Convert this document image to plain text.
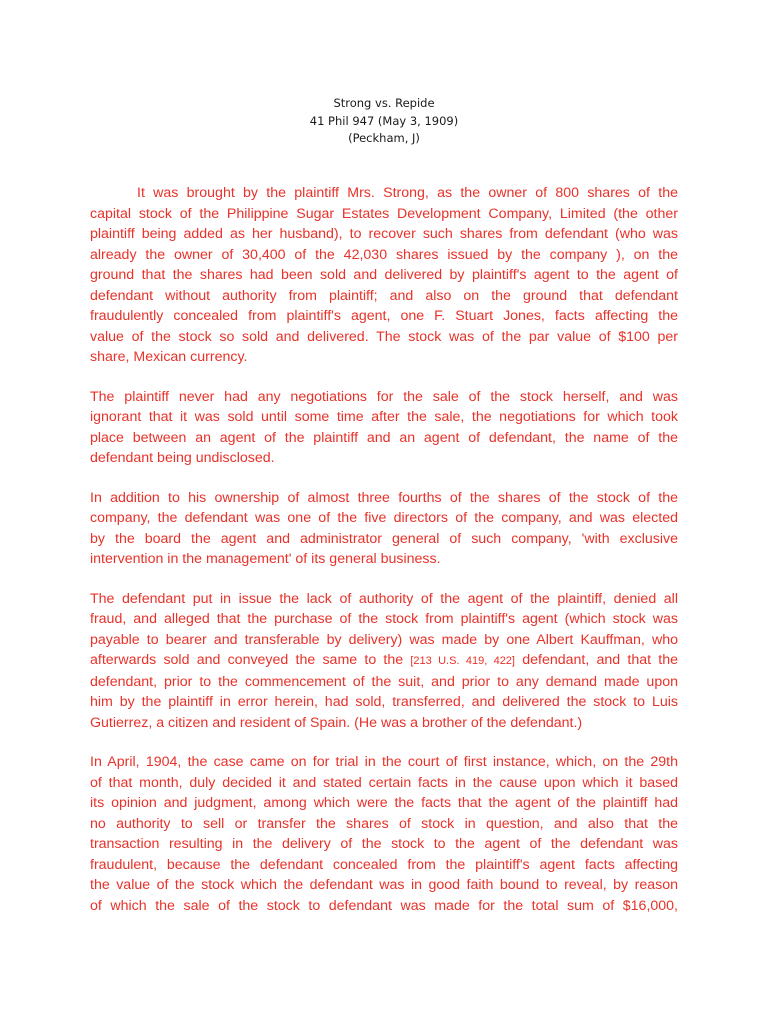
Strong vs. Repide
41 Phil 947 (May 3, 1909)
(Peckham, J)
It was brought by the plaintiff Mrs. Strong, as the owner of 800 shares of the
capital stock of the Philippine Sugar Estates Development Company, Limited (the other
plaintiff being added as her husband), to recover such shares from defendant (who was
already the owner of 30,400 of the 42,030 shares issued by the company ), on the
ground that the shares had been sold and delivered by plaintiff's agent to the agent of
defendant without authority from plaintiff; and also on the ground that defendant
fraudulently concealed from plaintiff's agent, one F. Stuart Jones, facts affecting the
value of the stock so sold and delivered. The stock was of the par value of $100 per
share, Mexican currency.
The plaintiff never had any negotiations for the sale of the stock herself, and was
ignorant that it was sold until some time after the sale, the negotiations for which took
place between an agent of the plaintiff and an agent of defendant, the name of the
defendant being undisclosed.
In addition to his ownership of almost three fourths of the shares of the stock of the
company, the defendant was one of the five directors of the company, and was elected
by the board the agent and administrator general of such company, 'with exclusive
intervention in the management' of its general business.
The defendant put in issue the lack of authority of the agent of the plaintiff, denied all
fraud, and alleged that the purchase of the stock from plaintiff's agent (which stock was
payable to bearer and transferable by delivery) was made by one Albert Kauffman, who
afterwards sold and conveyed the same to the [213 U.S. 419, 422] defendant, and that the
defendant, prior to the commencement of the suit, and prior to any demand made upon
him by the plaintiff in error herein, had sold, transferred, and delivered the stock to Luis
Gutierrez, a citizen and resident of Spain. (He was a brother of the defendant.)
In April, 1904, the case came on for trial in the court of first instance, which, on the 29th
of that month, duly decided it and stated certain facts in the cause upon which it based
its opinion and judgment, among which were the facts that the agent of the plaintiff had
no authority to sell or transfer the shares of stock in question, and also that the
transaction resulting in the delivery of the stock to the agent of the defendant was
fraudulent, because the defendant concealed from the plaintiff's agent facts affecting
the value of the stock which the defendant was in good faith bound to reveal, by reason
of which the sale of the stock to defendant was made for the total sum of $16,000,
